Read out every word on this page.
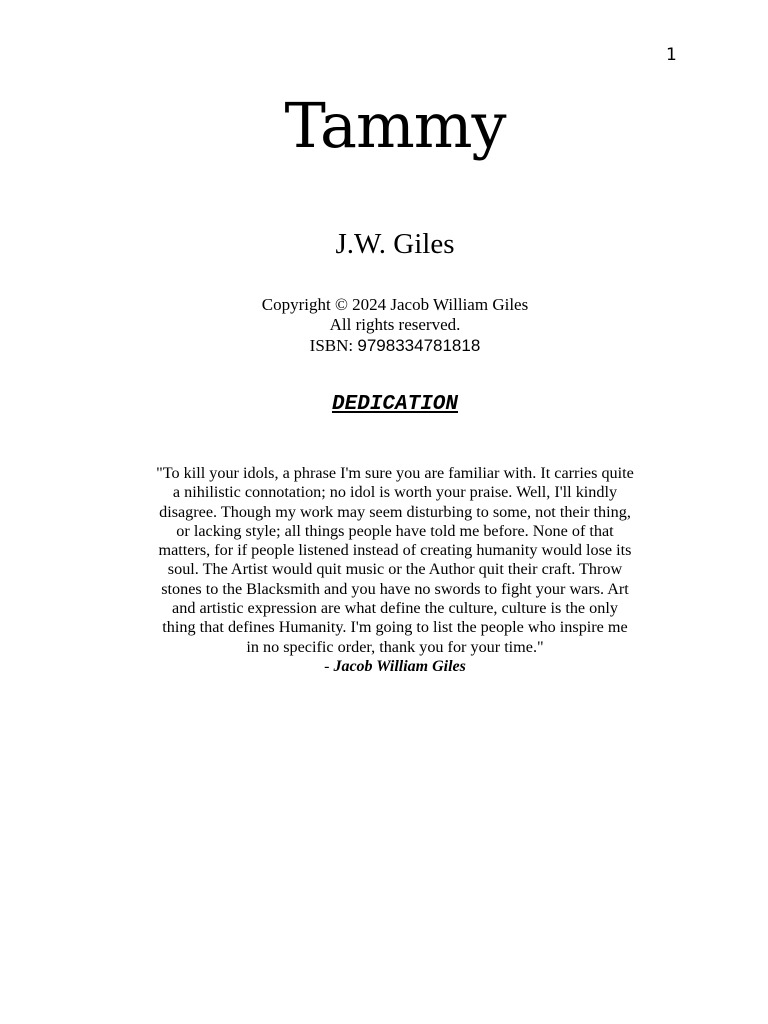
1
Tammy
J.W. Giles
Copyright © 2024 Jacob William Giles
All rights reserved.
ISBN: 9798334781818
DEDICATION
"To kill your idols, a phrase I'm sure you are familiar with. It carries quite
a nihilistic connotation; no idol is worth your praise. Well, I'll kindly
disagree. Though my work may seem disturbing to some, not their thing,
or lacking style; all things people have told me before. None of that
matters, for if people listened instead of creating humanity would lose its
soul. The Artist would quit music or the Author quit their craft. Throw
stones to the Blacksmith and you have no swords to fight your wars. Art
and artistic expression are what define the culture, culture is the only
thing that defines Humanity. I'm going to list the people who inspire me
in no specific order, thank you for your time."
- Jacob William Giles
